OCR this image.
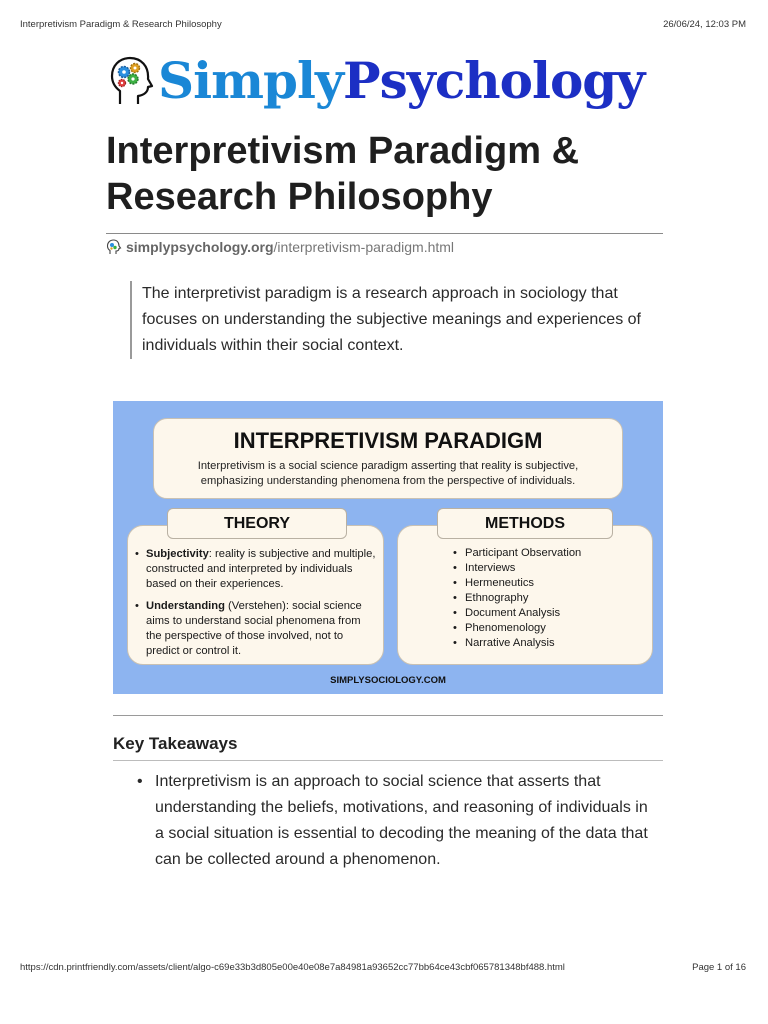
Interpretivism Paradigm & Research Philosophy	26/06/24, 12:03 PM
SimplyPsychology
Interpretivism Paradigm &
Research Philosophy
simplypsychology.org /interpretivism-paradigm.html

The interpretivist paradigm is a research approach in sociology that focuses on understanding the subjective meanings and experiences of individuals within their social context.

INTERPRETIVISM PARADIGM
Interpretivism is a social science paradigm asserting that reality is subjective,
emphasizing understanding phenomena from the perspective of individuals.
• Subjectivity: reality is subjective and multiple, constructed and interpreted by individuals based on their experiences.
• Understanding (Verstehen): social science aims to understand social phenomena from the perspective of those involved, not to predict or control it.
THEORY
• Participant Observation
• Interviews
• Hermeneutics
• Ethnography
• Document Analysis
• Phenomenology
• Narrative Analysis
METHODS
SIMPLYSOCIOLOGY.COM
Key Takeaways
• Interpretivism is an approach to social science that asserts that understanding the beliefs, motivations, and reasoning of individuals in a social situation is essential to decoding the meaning of the data that can be collected around a phenomenon.
https://cdn.printfriendly.com/assets/client/algo-c69e33b3d805e00e40e08e7a84981a93652cc77bb64ce43cbf065781348bf488.html	Page 1 of 16
